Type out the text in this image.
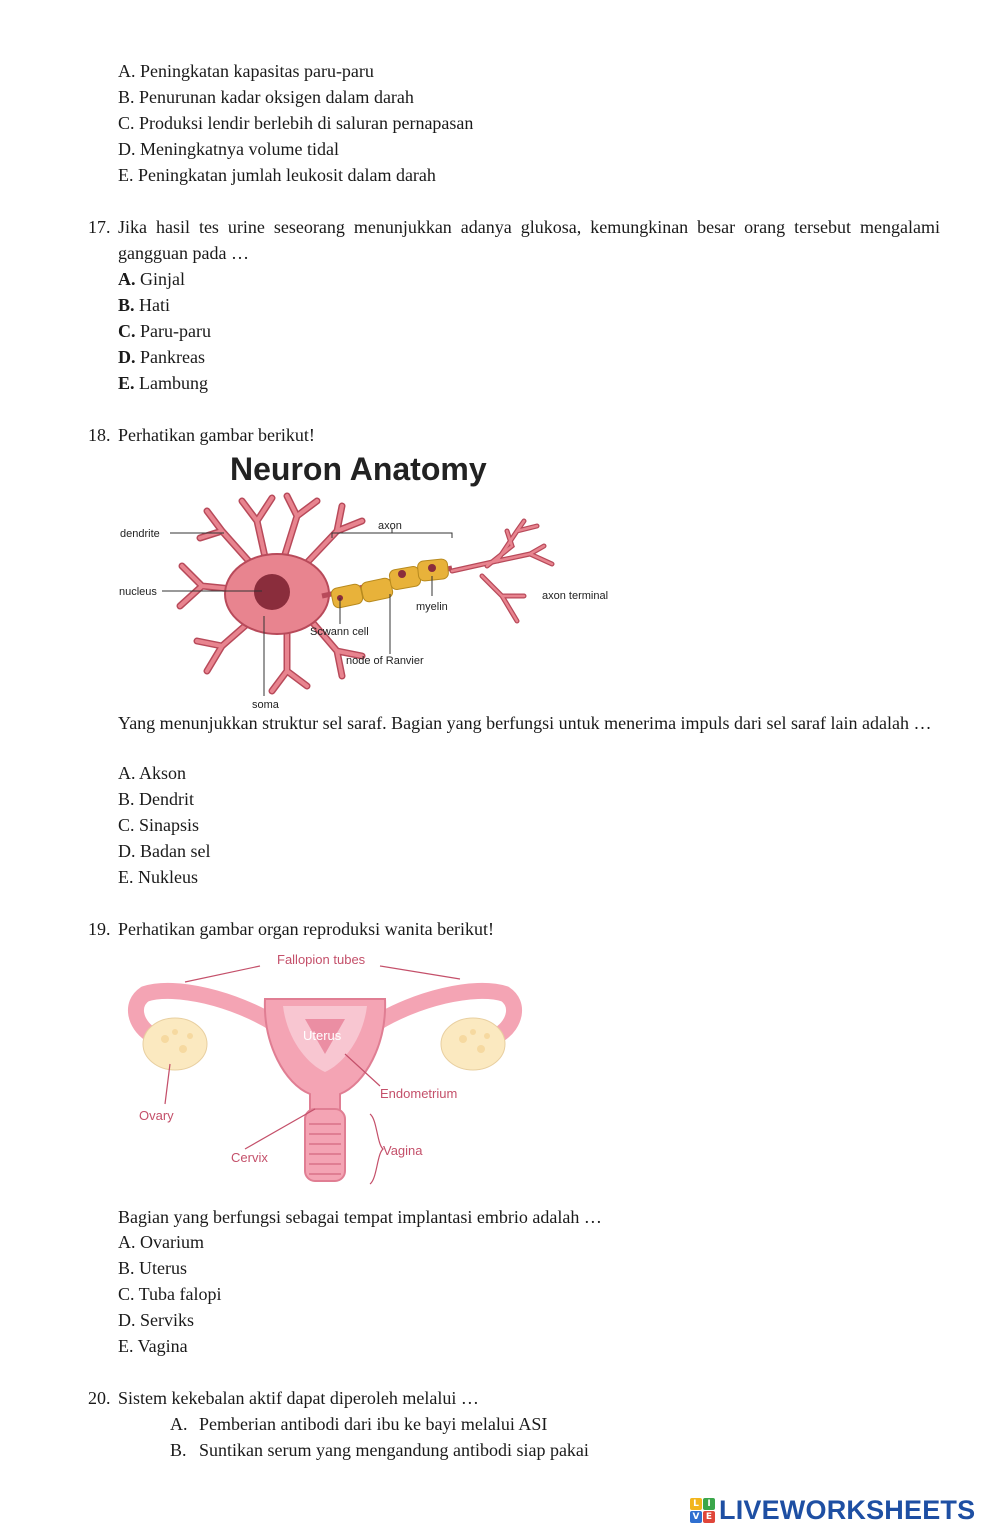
A. Peningkatan kapasitas paru-paru
B. Penurunan kadar oksigen dalam darah
C. Produksi lendir berlebih di saluran pernapasan
D. Meningkatnya volume tidal
E. Peningkatan jumlah leukosit dalam darah
17. Jika hasil tes urine seseorang menunjukkan adanya glukosa, kemungkinan besar orang tersebut mengalami gangguan pada …
A. Ginjal
B. Hati
C. Paru-paru
D. Pankreas
E. Lambung
18. Perhatikan gambar berikut!
Neuron Anatomy
dendrite
nucleus
axon
myelin
axon terminal
Scwann cell
node of Ranvier
soma
Yang menunjukkan struktur sel saraf. Bagian yang berfungsi untuk menerima impuls dari sel saraf lain adalah …
A. Akson
B. Dendrit
C. Sinapsis
D. Badan sel
E. Nukleus
19. Perhatikan gambar organ reproduksi wanita berikut!
Fallopion tubes
Uterus
Endometrium
Ovary
Vagina
Cervix
Bagian yang berfungsi sebagai tempat implantasi embrio adalah …
A. Ovarium
B. Uterus
C. Tuba falopi
D. Serviks
E. Vagina
20. Sistem kekebalan aktif dapat diperoleh melalui …
A. Pemberian antibodi dari ibu ke bayi melalui ASI
B. Suntikan serum yang mengandung antibodi siap pakai
L I
V E LIVEWORKSHEETS
